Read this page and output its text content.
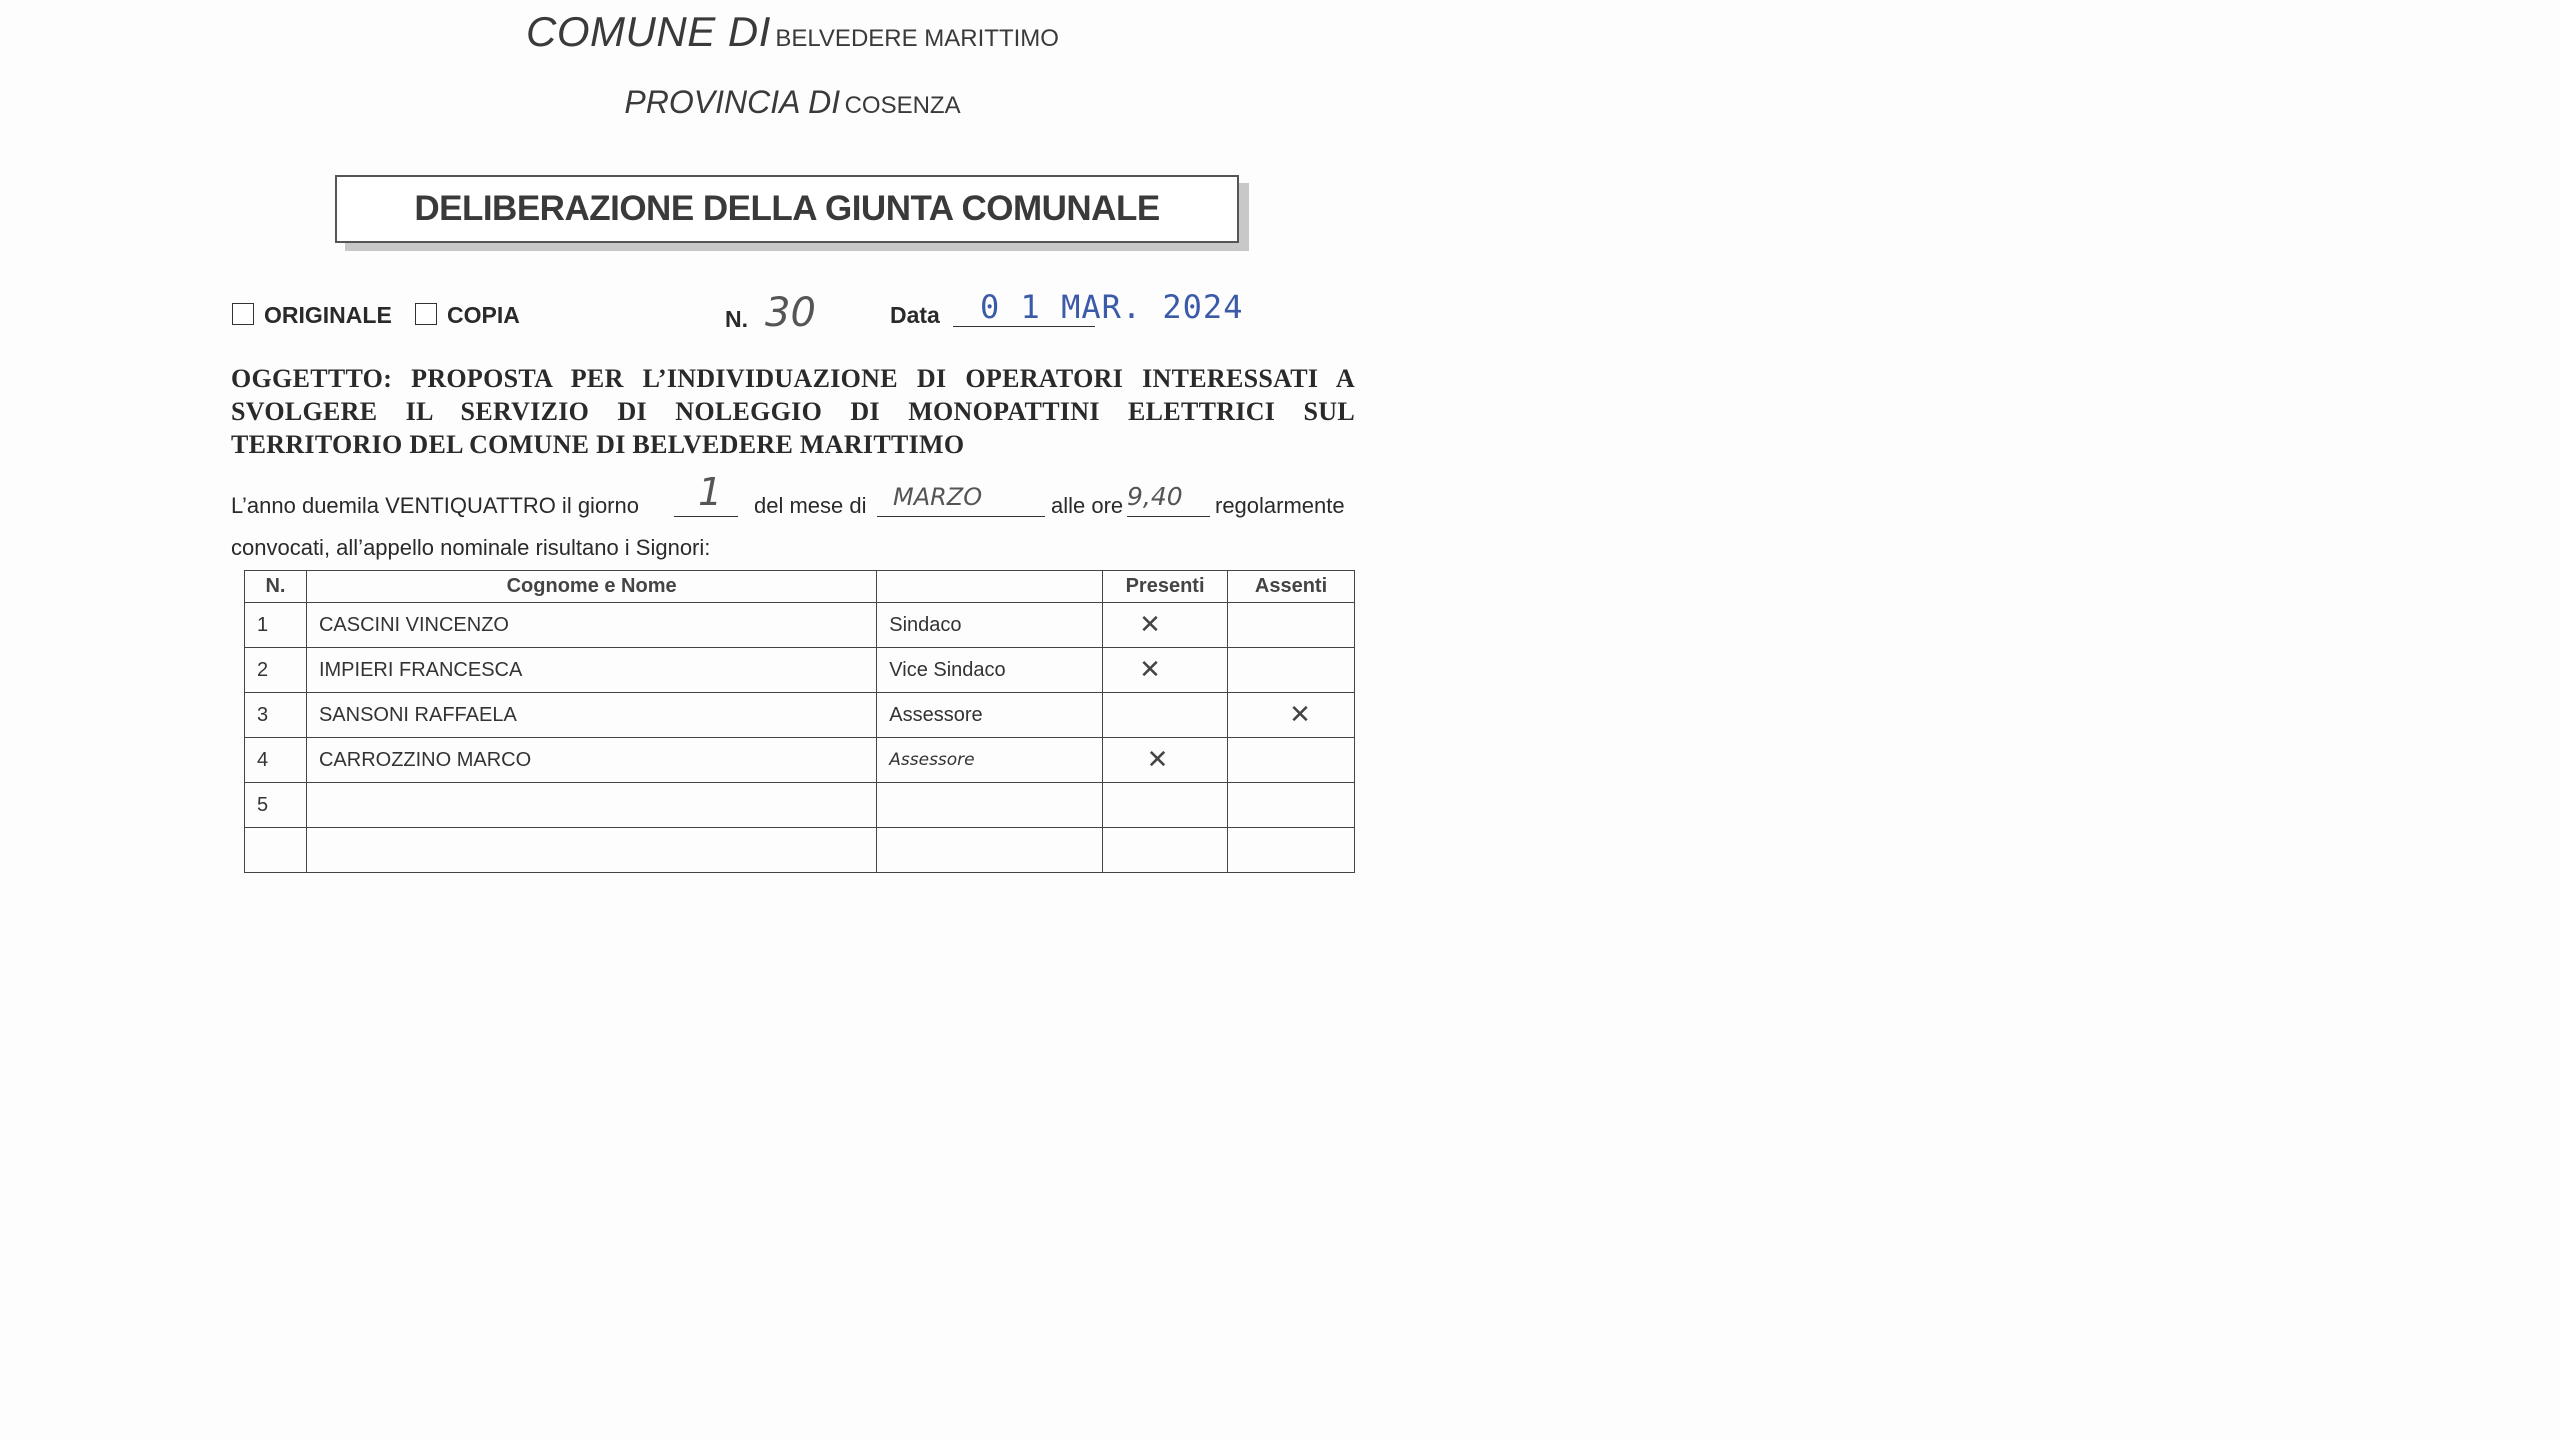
COMUNE DI BELVEDERE MARITTIMO
PROVINCIA DI COSENZA
DELIBERAZIONE DELLA GIUNTA COMUNALE
ORIGINALE COPIA	N. 30	Data 0 1 MAR. 2024
OGGETTTO: PROPOSTA PER L’INDIVIDUAZIONE DI OPERATORI INTERESSATI A SVOLGERE IL SERVIZIO DI NOLEGGIO DI MONOPATTINI ELETTRICI SUL TERRITORIO DEL COMUNE DI BELVEDERE MARITTIMO
L’anno duemila VENTIQUATTRO il giorno 1 del mese di MARZO	alle ore 9,40 regolarmente
convocati, all’appello nominale risultano i Signori:
N.	Cognome e Nome		Presenti	Assenti
1	CASCINI VINCENZO	Sindaco	✕	
2	IMPIERI FRANCESCA	Vice Sindaco	✕	
3	SANSONI RAFFAELA	Assessore		✕
4	CARROZZINO MARCO	Assessore	✕	
5				
